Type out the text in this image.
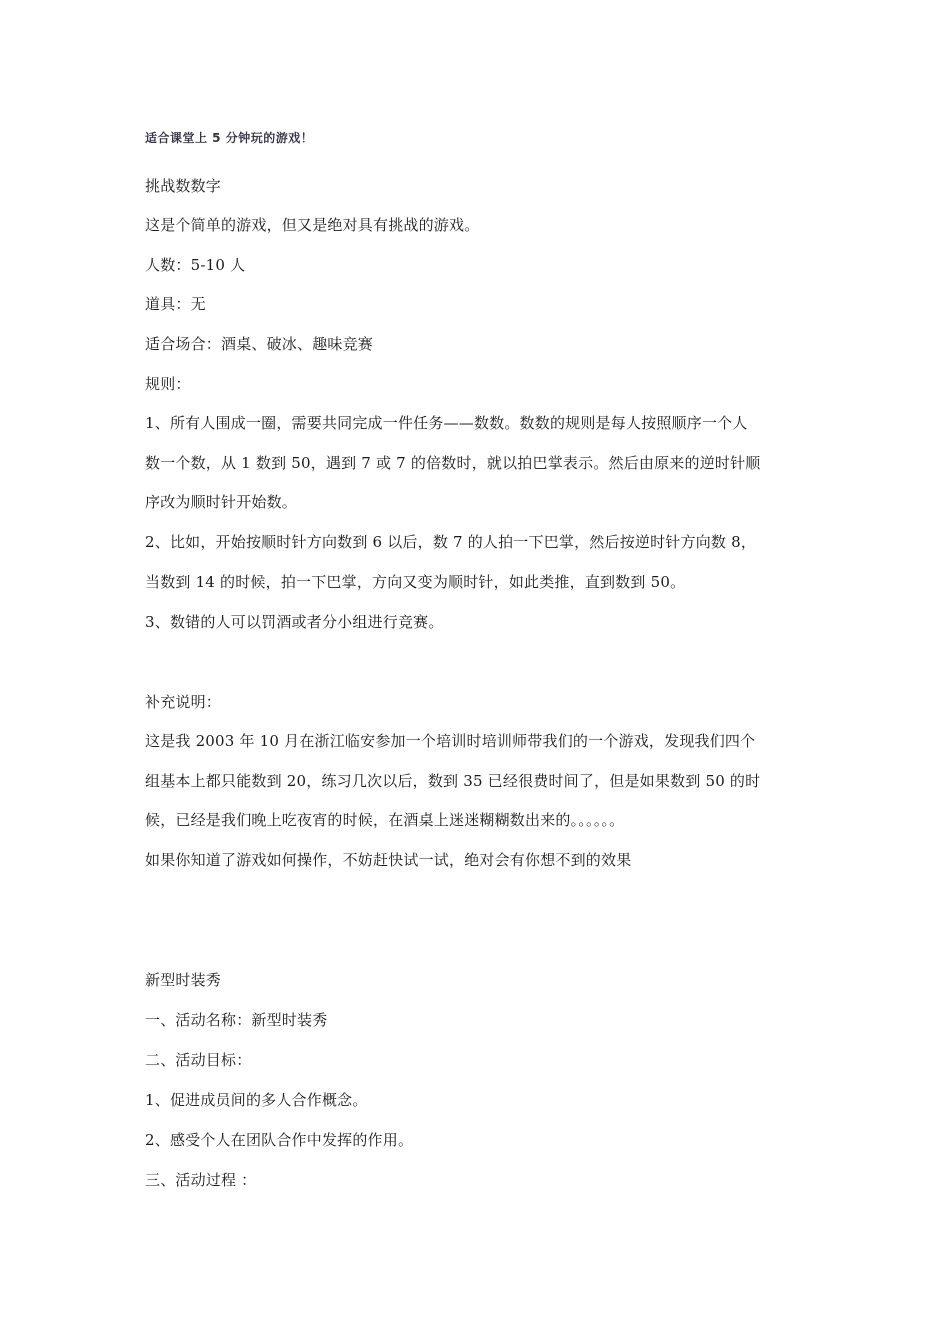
适合课堂上 5 分钟玩的游戏！
挑战数数字
这是个简单的游戏，但又是绝对具有挑战的游戏。
人数：5-10 人
道具：无
适合场合：酒桌、破冰、趣味竞赛
规则：
1、所有人围成一圈，需要共同完成一件任务——数数。数数的规则是每人按照顺序一个人
数一个数，从 1 数到 50，遇到 7 或 7 的倍数时，就以拍巴掌表示。然后由原来的逆时针顺
序改为顺时针开始数。
2、比如，开始按顺时针方向数到 6 以后，数 7 的人拍一下巴掌，然后按逆时针方向数 8，
当数到 14 的时候，拍一下巴掌，方向又变为顺时针，如此类推，直到数到 50。
3、数错的人可以罚酒或者分小组进行竞赛。
补充说明：
这是我 2003 年 10 月在浙江临安参加一个培训时培训师带我们的一个游戏，发现我们四个
组基本上都只能数到 20，练习几次以后，数到 35 已经很费时间了，但是如果数到 50 的时
候，已经是我们晚上吃夜宵的时候，在酒桌上迷迷糊糊数出来的。。。。。。
如果你知道了游戏如何操作，不妨赶快试一试，绝对会有你想不到的效果
新型时装秀
一、活动名称：新型时装秀
二、活动目标：
1、促进成员间的多人合作概念。
2、感受个人在团队合作中发挥的作用。
三、活动过程 ：
